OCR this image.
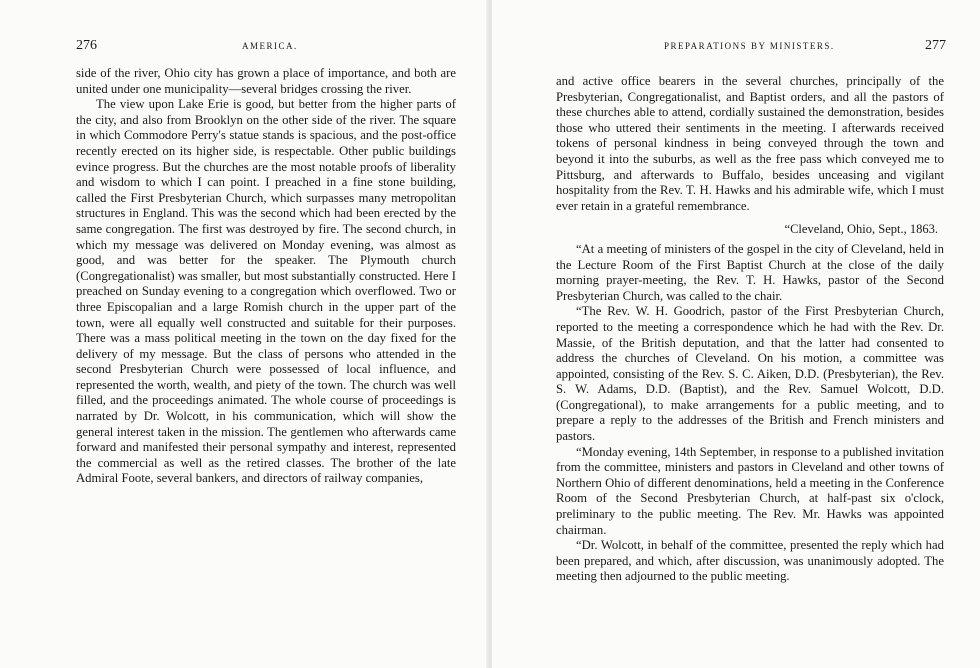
276	AMERICA.

side of the river, Ohio city has grown a place of importance, and both are united under one municipality—several bridges crossing the river.

The view upon Lake Erie is good, but better from the higher parts of the city, and also from Brooklyn on the other side of the river. The square in which Commodore Perry's statue stands is spacious, and the post-office recently erected on its higher side, is respectable. Other public buildings evince progress. But the churches are the most notable proofs of liberality and wisdom to which I can point. I preached in a fine stone building, called the First Presbyterian Church, which surpasses many metropolitan structures in England. This was the second which had been erected by the same congregation. The first was destroyed by fire. The second church, in which my message was delivered on Monday evening, was almost as good, and was better for the speaker. The Plymouth church (Congregationalist) was smaller, but most substantially constructed. Here I preached on Sunday evening to a congregation which overflowed. Two or three Episcopalian and a large Romish church in the upper part of the town, were all equally well constructed and suitable for their purposes. There was a mass political meeting in the town on the day fixed for the delivery of my message. But the class of persons who attended in the second Presbyterian Church were possessed of local influence, and represented the worth, wealth, and piety of the town. The church was well filled, and the proceedings animated. The whole course of proceedings is narrated by Dr. Wolcott, in his communication, which will show the general interest taken in the mission. The gentlemen who afterwards came forward and manifested their personal sympathy and interest, represented the commercial as well as the retired classes. The brother of the late Admiral Foote, several bankers, and directors of railway companies,

PREPARATIONS BY MINISTERS.	277

and active office bearers in the several churches, principally of the Presbyterian, Congregationalist, and Baptist orders, and all the pastors of these churches able to attend, cordially sustained the demonstration, besides those who uttered their sentiments in the meeting. I afterwards received tokens of personal kindness in being conveyed through the town and beyond it into the suburbs, as well as the free pass which conveyed me to Pittsburg, and afterwards to Buffalo, besides unceasing and vigilant hospitality from the Rev. T. H. Hawks and his admirable wife, which I must ever retain in a grateful remembrance.

“Cleveland, Ohio, Sept., 1863.

“At a meeting of ministers of the gospel in the city of Cleveland, held in the Lecture Room of the First Baptist Church at the close of the daily morning prayer-meeting, the Rev. T. H. Hawks, pastor of the Second Presbyterian Church, was called to the chair.

“The Rev. W. H. Goodrich, pastor of the First Presbyterian Church, reported to the meeting a correspondence which he had with the Rev. Dr. Massie, of the British deputation, and that the latter had consented to address the churches of Cleveland. On his motion, a committee was appointed, consisting of the Rev. S. C. Aiken, D.D. (Presbyterian), the Rev. S. W. Adams, D.D. (Baptist), and the Rev. Samuel Wolcott, D.D. (Congregational), to make arrangements for a public meeting, and to prepare a reply to the addresses of the British and French ministers and pastors.

“Monday evening, 14th September, in response to a published invitation from the committee, ministers and pastors in Cleveland and other towns of Northern Ohio of different denominations, held a meeting in the Conference Room of the Second Presbyterian Church, at half-past six o'clock, preliminary to the public meeting. The Rev. Mr. Hawks was appointed chairman.

“Dr. Wolcott, in behalf of the committee, presented the reply which had been prepared, and which, after discussion, was unanimously adopted. The meeting then adjourned to the public meeting.
